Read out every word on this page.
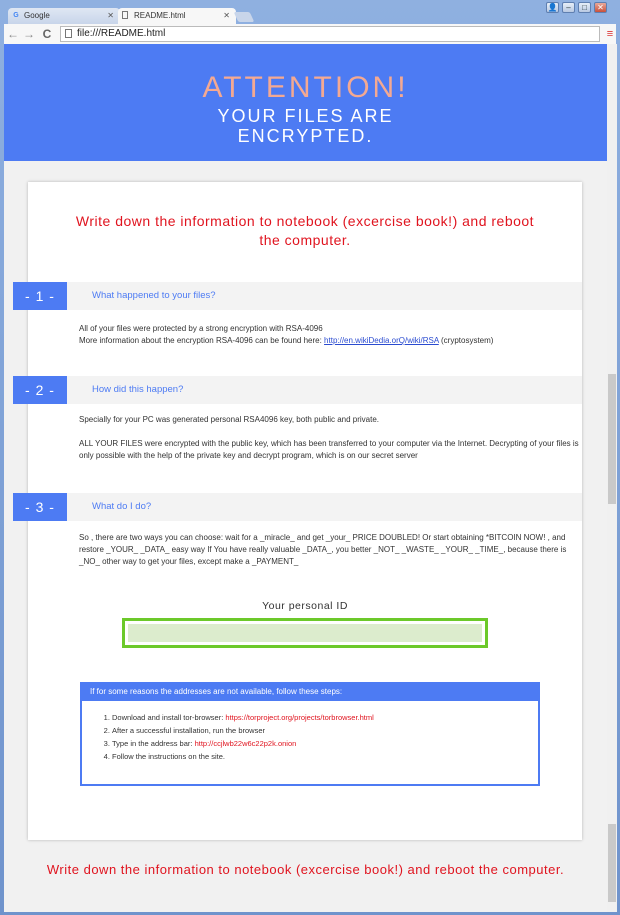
G Google	✕	README.html	✕
👤	–	□	✕
← → C	file:///README.html	≡
ATTENTION!
YOUR FILES ARE
ENCRYPTED.
Write down the information to notebook (excercise book!) and reboot the computer.
- 1 -	What happened to your files?
All of your files were protected by a strong encryption with RSA-4096
More information about the encryption RSA-4096 can be found here: http://en.wikiDedia.orQ/wiki/RSA (cryptosystem)
- 2 -	How did this happen?
Specially for your PC was generated personal RSA4096 key, both public and private.
ALL YOUR FILES were encrypted with the public key, which has been transferred to your computer via the Internet. Decrypting of your files is only possible with the help of the private key and decrypt program, which is on our secret server
- 3 -	What do I do?
So , there are two ways you can choose: wait for a _miracle_ and get _your_ PRICE DOUBLED! Or start obtaining *BITCOIN NOW! , and restore _YOUR_ _DATA_ easy way If You have really valuable _DATA_, you better _NOT_ _WASTE_ _YOUR_ _TIME_, because there is _NO_ other way to get your files, except make a _PAYMENT_
Your personal ID
If for some reasons the addresses are not available, follow these steps:
1. Download and install tor-browser: https://torproject.org/projects/torbrowser.html
2. After a successful installation, run the browser
3. Type in the address bar: http://ccjlwb22w6c22p2k.onion
4. Follow the instructions on the site.
Write down the information to notebook (excercise book!) and reboot the computer.
